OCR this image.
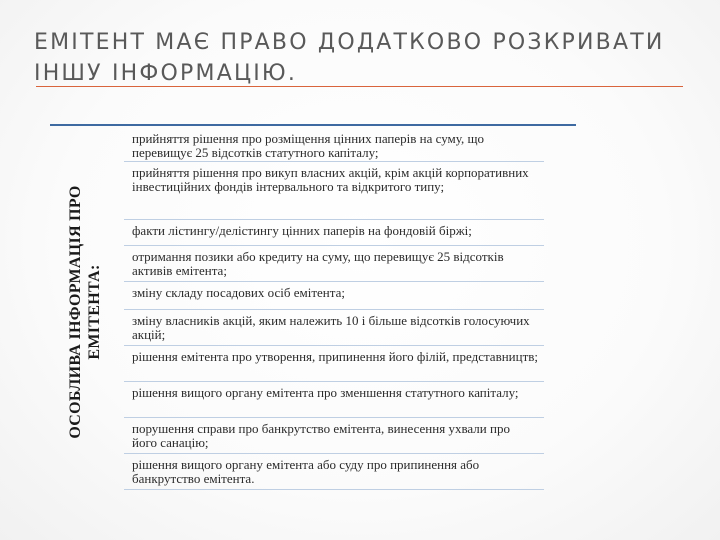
ЕМІТЕНТ МАЄ ПРАВО ДОДАТКОВО РОЗКРИВАТИ
ІНШУ ІНФОРМАЦІЮ.
ОСОБЛИВА ІНФОРМАЦІЯ ПРО ЕМІТЕНТА:
прийняття рішення про розміщення цінних паперів на суму, що перевищує 25 відсотків статутного капіталу;
прийняття рішення про викуп власних акцій, крім акцій корпоративних інвестиційних фондів інтервального та відкритого типу;
факти лістингу/делістингу цінних паперів на фондовій біржі;
отримання позики або кредиту на суму, що перевищує 25 відсотків активів емітента;
зміну складу посадових осіб емітента;
зміну власників акцій, яким належить 10 і більше відсотків голосуючих акцій;
рішення емітента про утворення, припинення його філій, представництв;
рішення вищого органу емітента про зменшення статутного капіталу;
порушення справи про банкрутство емітента, винесення ухвали про його санацію;
рішення вищого органу емітента або суду про припинення або банкрутство емітента.
